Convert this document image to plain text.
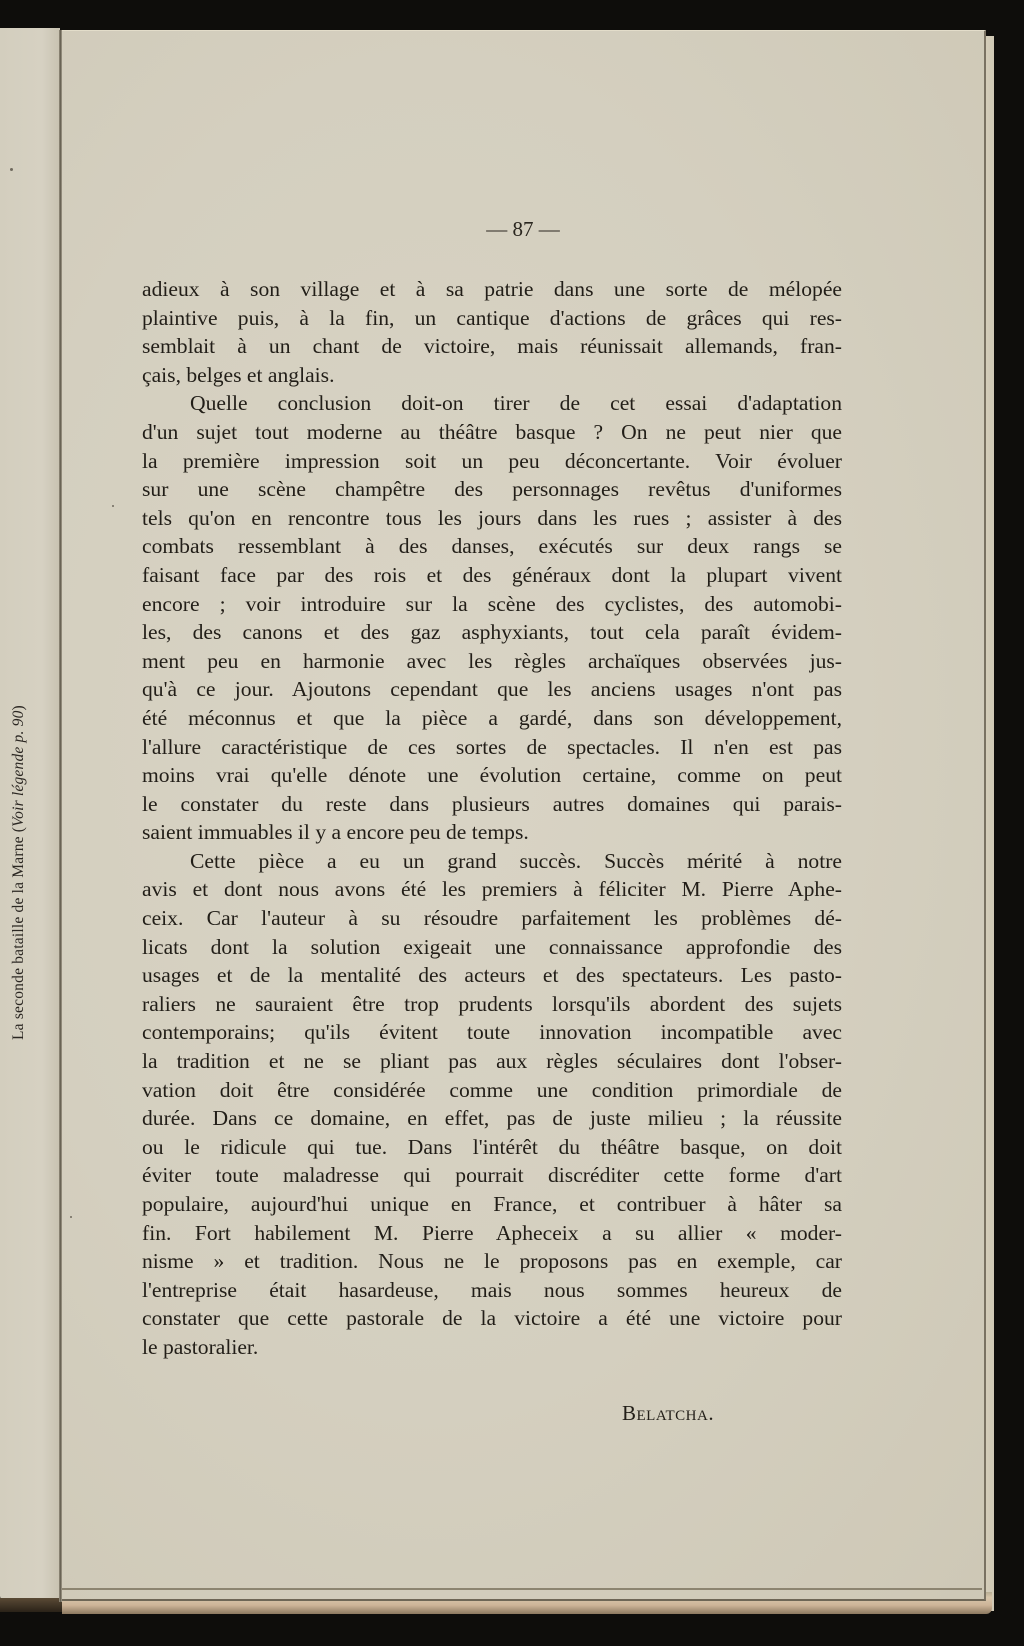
La seconde bataille de la Marne (Voir légende p. 90)
— 87 —
adieux à son village et à sa patrie dans une sorte de mélopée
plaintive puis, à la fin, un cantique d'actions de grâces qui res-
semblait à un chant de victoire, mais réunissait allemands, fran-
çais, belges et anglais.
Quelle conclusion doit-on tirer de cet essai d'adaptation
d'un sujet tout moderne au théâtre basque ? On ne peut nier que
la première impression soit un peu déconcertante. Voir évoluer
sur une scène champêtre des personnages revêtus d'uniformes
tels qu'on en rencontre tous les jours dans les rues ; assister à des
combats ressemblant à des danses, exécutés sur deux rangs se
faisant face par des rois et des généraux dont la plupart vivent
encore ; voir introduire sur la scène des cyclistes, des automobi-
les, des canons et des gaz asphyxiants, tout cela paraît évidem-
ment peu en harmonie avec les règles archaïques observées jus-
qu'à ce jour. Ajoutons cependant que les anciens usages n'ont pas
été méconnus et que la pièce a gardé, dans son développement,
l'allure caractéristique de ces sortes de spectacles. Il n'en est pas
moins vrai qu'elle dénote une évolution certaine, comme on peut
le constater du reste dans plusieurs autres domaines qui parais-
saient immuables il y a encore peu de temps.
Cette pièce a eu un grand succès. Succès mérité à notre
avis et dont nous avons été les premiers à féliciter M. Pierre Aphe-
ceix. Car l'auteur à su résoudre parfaitement les problèmes dé-
licats dont la solution exigeait une connaissance approfondie des
usages et de la mentalité des acteurs et des spectateurs. Les pasto-
raliers ne sauraient être trop prudents lorsqu'ils abordent des sujets
contemporains; qu'ils évitent toute innovation incompatible avec
la tradition et ne se pliant pas aux règles séculaires dont l'obser-
vation doit être considérée comme une condition primordiale de
durée. Dans ce domaine, en effet, pas de juste milieu ; la réussite
ou le ridicule qui tue. Dans l'intérêt du théâtre basque, on doit
éviter toute maladresse qui pourrait discréditer cette forme d'art
populaire, aujourd'hui unique en France, et contribuer à hâter sa
fin. Fort habilement M. Pierre Apheceix a su allier « moder-
nisme » et tradition. Nous ne le proposons pas en exemple, car
l'entreprise était hasardeuse, mais nous sommes heureux de
constater que cette pastorale de la victoire a été une victoire pour
le pastoralier.
Belatcha.
